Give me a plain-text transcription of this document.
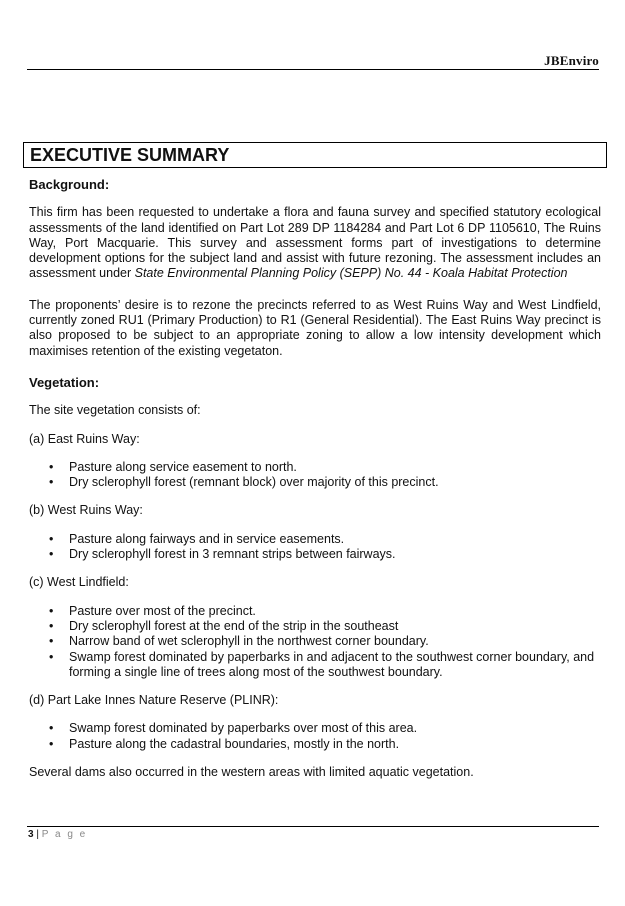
JBEnviro
EXECUTIVE SUMMARY

Background:

This firm has been requested to undertake a flora and fauna survey and specified statutory ecological assessments of the land identified on Part Lot 289 DP 1184284 and Part Lot 6 DP 1105610, The Ruins Way, Port Macquarie. This survey and assessment forms part of investigations to determine development options for the subject land and assist with future rezoning. The assessment includes an assessment under State Environmental Planning Policy (SEPP) No. 44 - Koala Habitat Protection

The proponents’ desire is to rezone the precincts referred to as West Ruins Way and West Lindfield, currently zoned RU1 (Primary Production) to R1 (General Residential). The East Ruins Way precinct is also proposed to be subject to an appropriate zoning to allow a low intensity development which maximises retention of the existing vegetaton.

Vegetation:

The site vegetation consists of:

(a) East Ruins Way:

• Pasture along service easement to north.
• Dry sclerophyll forest (remnant block) over majority of this precinct.

(b) West Ruins Way:

• Pasture along fairways and in service easements.
• Dry sclerophyll forest in 3 remnant strips between fairways.

(c) West Lindfield:

• Pasture over most of the precinct.
• Dry sclerophyll forest at the end of the strip in the southeast
• Narrow band of wet sclerophyll in the northwest corner boundary.
• Swamp forest dominated by paperbarks in and adjacent to the southwest corner boundary, and forming a single line of trees along most of the southwest boundary.

(d) Part Lake Innes Nature Reserve (PLINR):

• Swamp forest dominated by paperbarks over most of this area.
• Pasture along the cadastral boundaries, mostly in the north.

Several dams also occurred in the western areas with limited aquatic vegetation.

3 | P a g e
